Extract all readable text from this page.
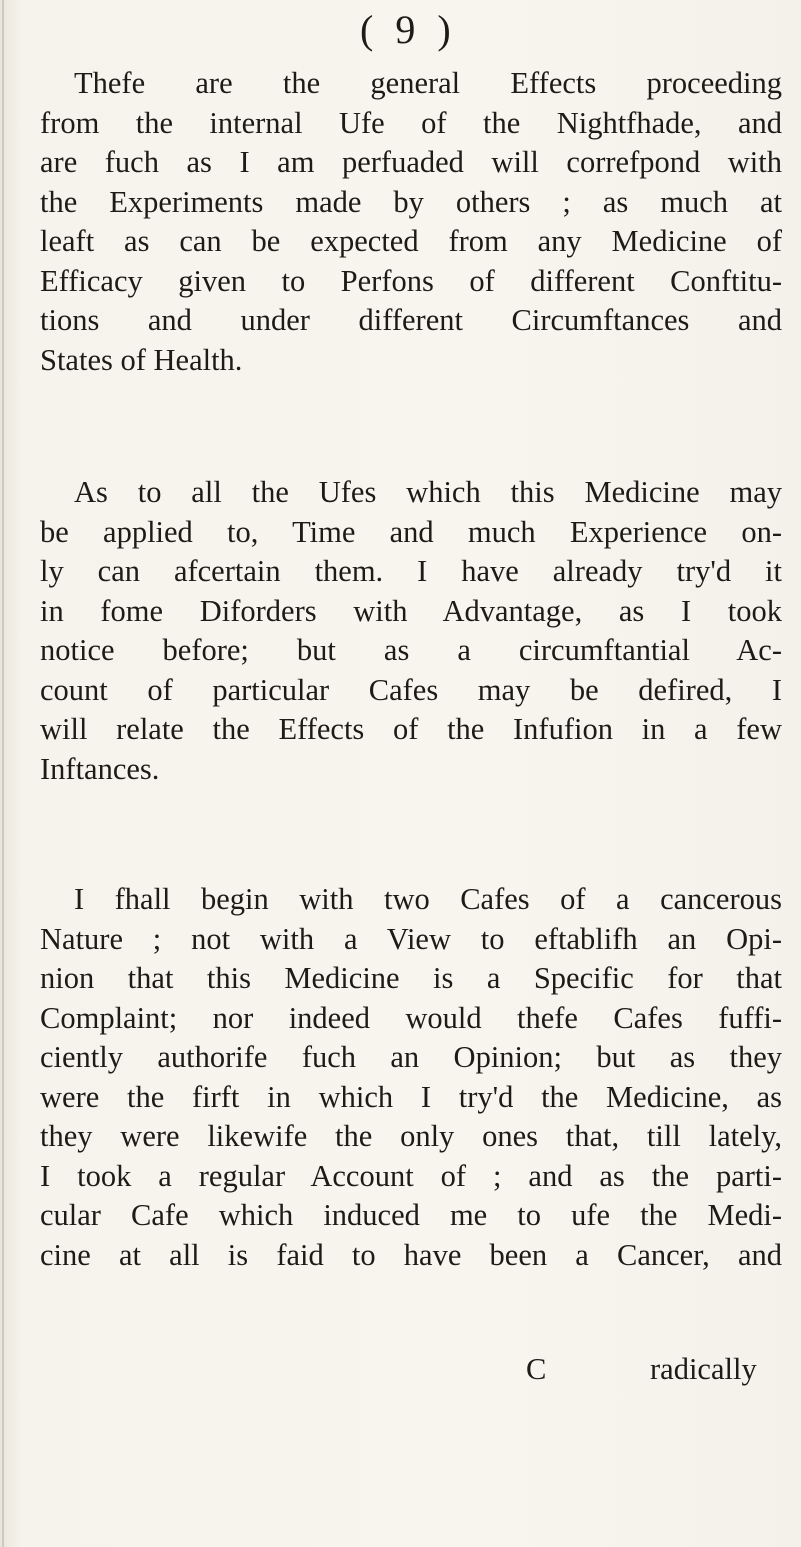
( 9 )
Thefe are the general Effects proceeding
from the internal Ufe of the Nightfhade, and
are fuch as I am perfuaded will correfpond with
the Experiments made by others ; as much at
leaft as can be expected from any Medicine of
Efficacy given to Perfons of different Conftitu-
tions and under different Circumftances and
States of Health.
As to all the Ufes which this Medicine may
be applied to, Time and much Experience on-
ly can afcertain them. I have already try'd it
in fome Diforders with Advantage, as I took
notice before; but as a circumftantial Ac-
count of particular Cafes may be defired, I
will relate the Effects of the Infufion in a few
Inftances.
I fhall begin with two Cafes of a cancerous
Nature ; not with a View to eftablifh an Opi-
nion that this Medicine is a Specific for that
Complaint; nor indeed would thefe Cafes fuffi-
ciently authorife fuch an Opinion; but as they
were the firft in which I try'd the Medicine, as
they were likewife the only ones that, till lately,
I took a regular Account of ; and as the parti-
cular Cafe which induced me to ufe the Medi-
cine at all is faid to have been a Cancer, and
C	radically
